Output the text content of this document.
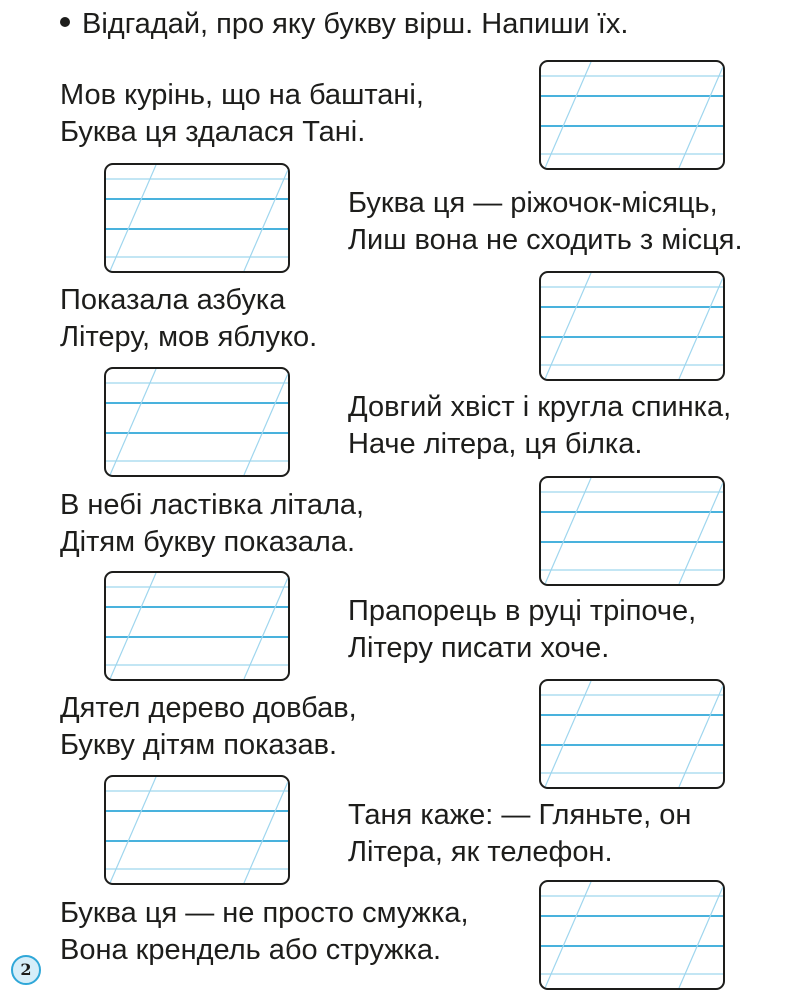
Відгадай, про яку букву вірш. Напиши їх.
Мов курінь, що на баштані,
Буква ця здалася Тані.
Буква ця — ріжочок-місяць,
Лиш вона не сходить з місця.
Показала азбука
Літеру, мов яблуко.
Довгий хвіст і кругла спинка,
Наче літера, ця білка.
В небі ластівка літала,
Дітям букву показала.
Прапорець в руці тріпоче,
Літеру писати хоче.
Дятел дерево довбав,
Букву дітям показав.
Таня каже: — Гляньте, он
Літера, як телефон.
Буква ця — не просто смужка,
Вона крендель або стружка.
2
